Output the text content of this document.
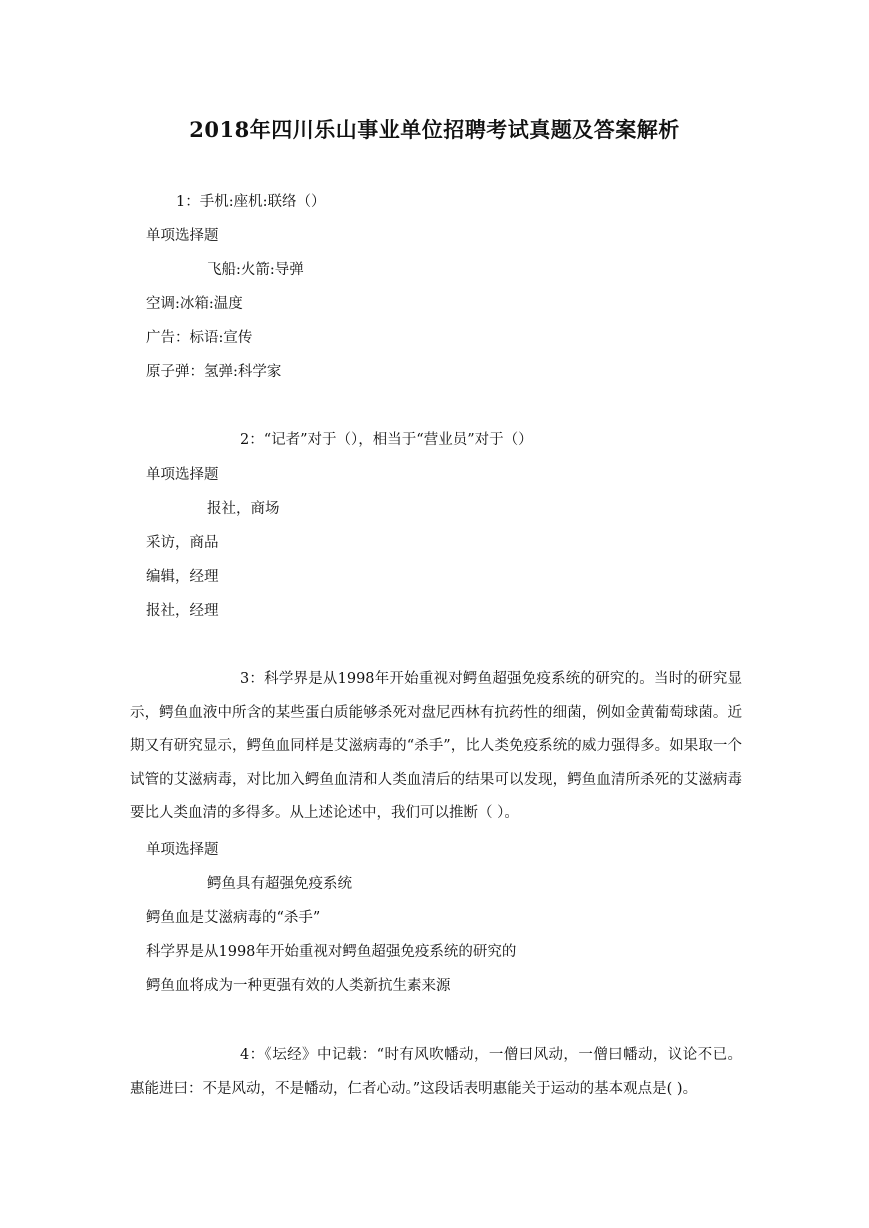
2018年四川乐山事业单位招聘考试真题及答案解析
1：手机:座机:联络（）
单项选择题
飞船:火箭:导弹
空调:冰箱:温度
广告：标语:宣传
原子弹：氢弹:科学家
2：“记者”对于（），相当于“营业员”对于（）
单项选择题
报社，商场
采访，商品
编辑，经理
报社，经理
3：科学界是从1998年开始重视对鳄鱼超强免疫系统的研究的。当时的研究显示，鳄鱼血液中所含的某些蛋白质能够杀死对盘尼西林有抗药性的细菌，例如金黄葡萄球菌。近期又有研究显示，鳄鱼血同样是艾滋病毒的“杀手”，比人类免疫系统的威力强得多。如果取一个试管的艾滋病毒，对比加入鳄鱼血清和人类血清后的结果可以发现，鳄鱼血清所杀死的艾滋病毒要比人类血清的多得多。从上述论述中，我们可以推断（ ）。
单项选择题
鳄鱼具有超强免疫系统
鳄鱼血是艾滋病毒的“杀手”
科学界是从1998年开始重视对鳄鱼超强免疫系统的研究的
鳄鱼血将成为一种更强有效的人类新抗生素来源
4：《坛经》中记载：“时有风吹幡动，一僧曰风动，一僧曰幡动，议论不已。惠能进曰：不是风动，不是幡动，仁者心动。”这段话表明惠能关于运动的基本观点是( )。
